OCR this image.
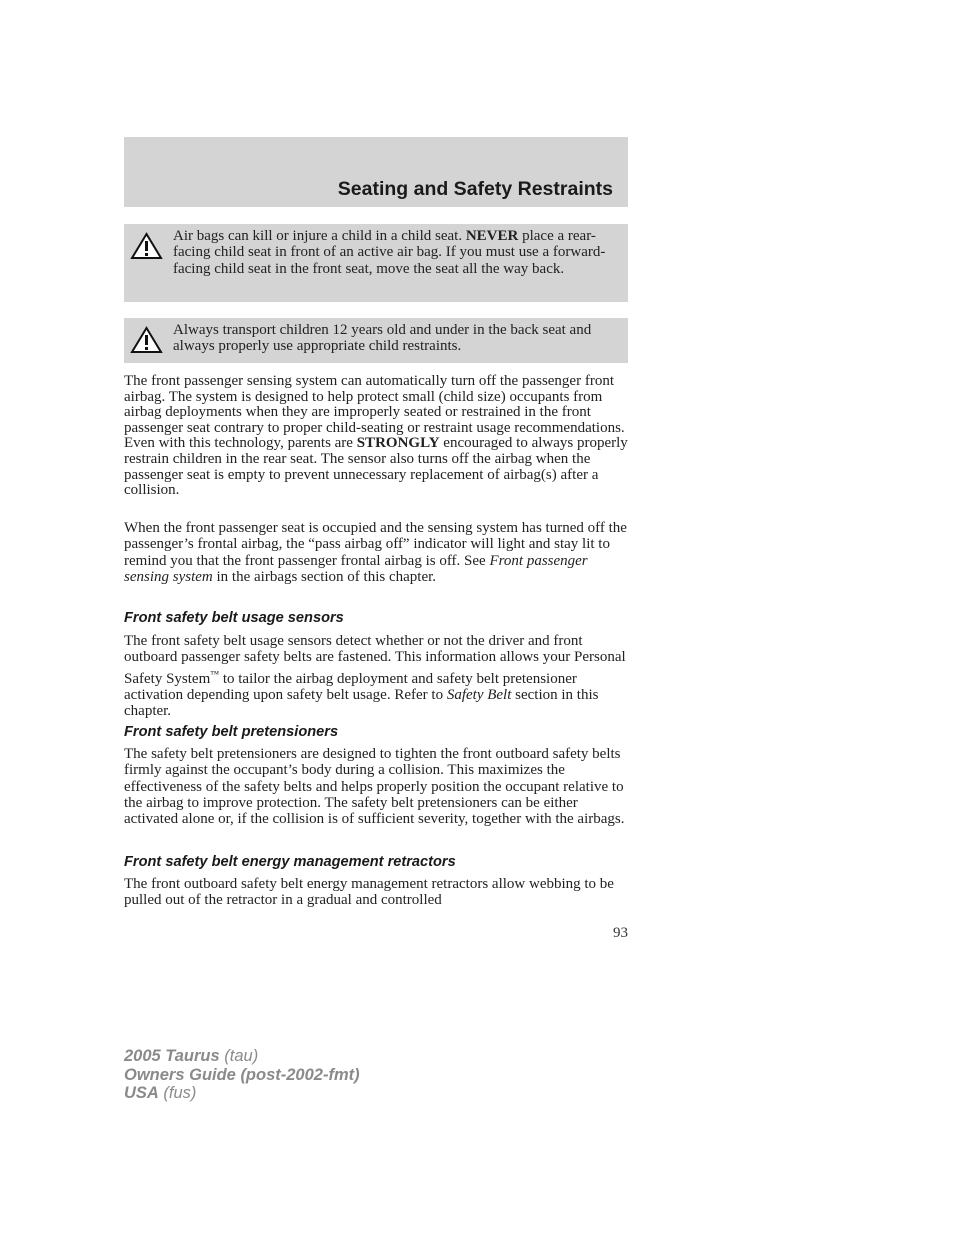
Seating and Safety Restraints
Air bags can kill or injure a child in a child seat. NEVER place a rear-facing child seat in front of an active air bag. If you must use a forward-facing child seat in the front seat, move the seat all the way back.
Always transport children 12 years old and under in the back seat and always properly use appropriate child restraints.

The front passenger sensing system can automatically turn off the passenger front airbag. The system is designed to help protect small (child size) occupants from airbag deployments when they are improperly seated or restrained in the front passenger seat contrary to proper child-seating or restraint usage recommendations. Even with this technology, parents are STRONGLY encouraged to always properly restrain children in the rear seat. The sensor also turns off the airbag when the passenger seat is empty to prevent unnecessary replacement of airbag(s) after a collision.

When the front passenger seat is occupied and the sensing system has turned off the passenger’s frontal airbag, the “pass airbag off” indicator will light and stay lit to remind you that the front passenger frontal airbag is off. See Front passenger sensing system in the airbags section of this chapter.

Front safety belt usage sensors

The front safety belt usage sensors detect whether or not the driver and front outboard passenger safety belts are fastened. This information allows your Personal Safety System™ to tailor the airbag deployment and safety belt pretensioner activation depending upon safety belt usage. Refer to Safety Belt section in this chapter.

Front safety belt pretensioners

The safety belt pretensioners are designed to tighten the front outboard safety belts firmly against the occupant’s body during a collision. This maximizes the effectiveness of the safety belts and helps properly position the occupant relative to the airbag to improve protection. The safety belt pretensioners can be either activated alone or, if the collision is of sufficient severity, together with the airbags.

Front safety belt energy management retractors

The front outboard safety belt energy management retractors allow webbing to be pulled out of the retractor in a gradual and controlled

93
2005 Taurus (tau)
Owners Guide (post-2002-fmt)
USA (fus)
